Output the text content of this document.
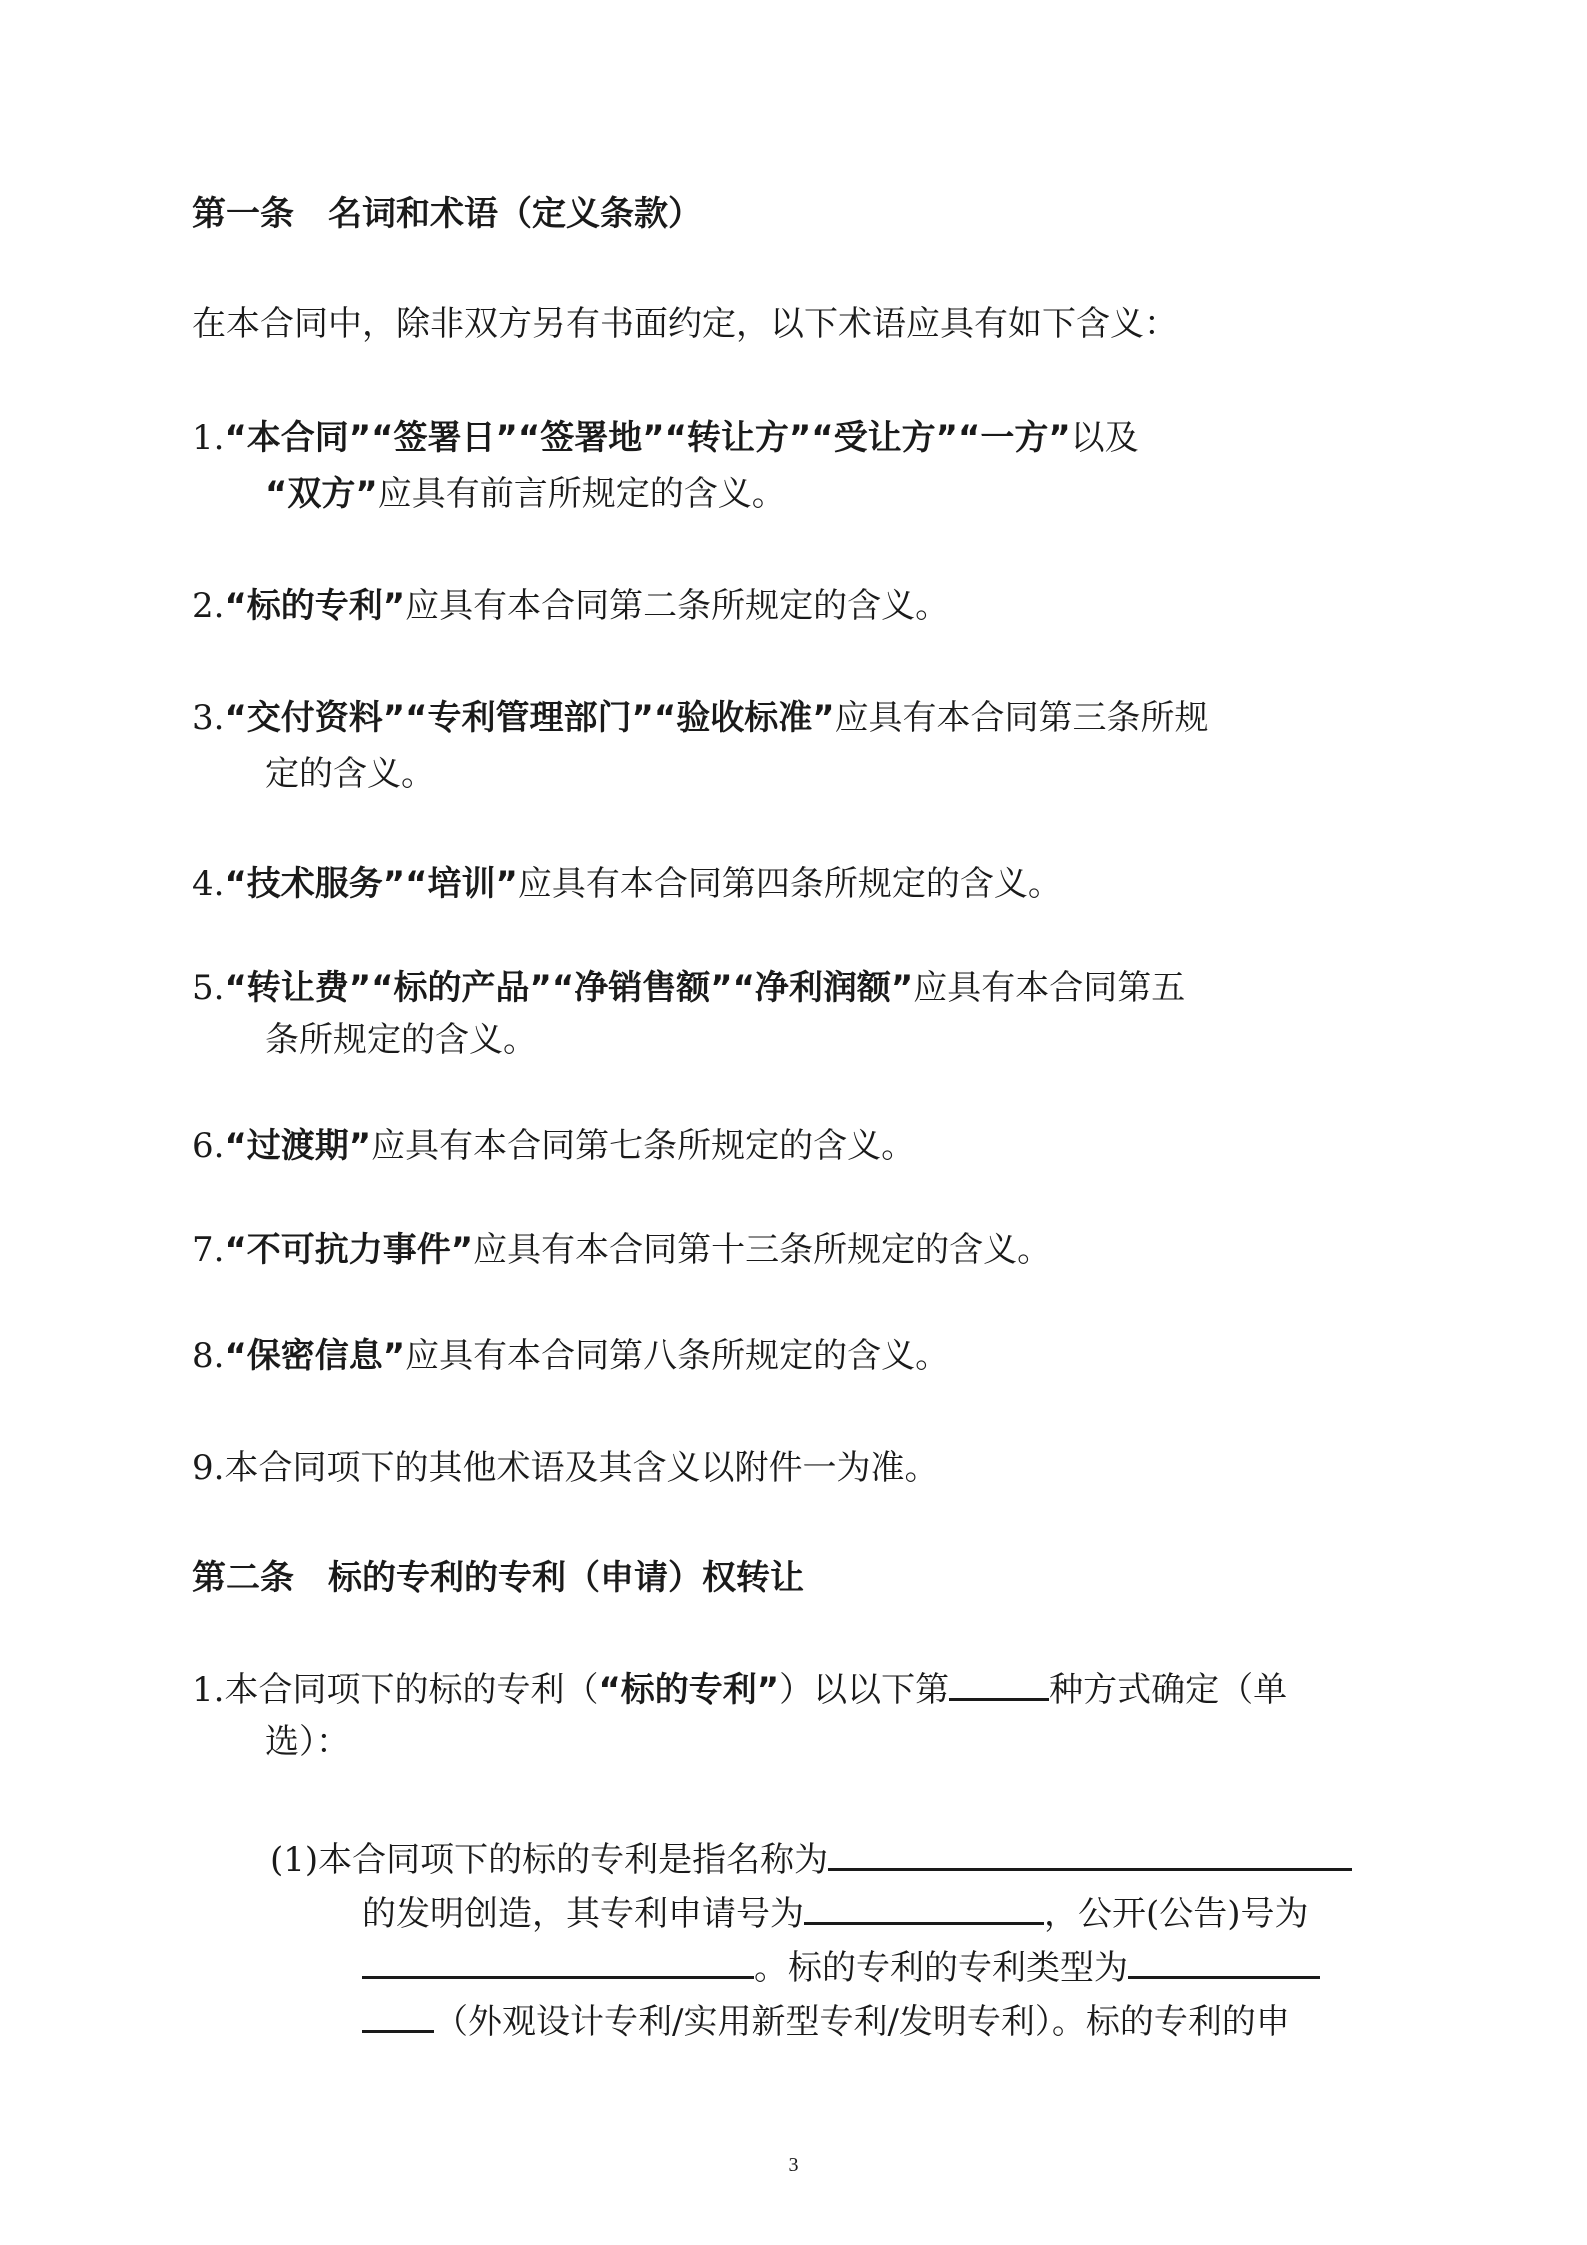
第一条　名词和术语（定义条款）
在本合同中，除非双方另有书面约定，以下术语应具有如下含义：
1.“本合同”“签署日”“签署地”“转让方”“受让方”“一方”以及
“双方”应具有前言所规定的含义。
2.“标的专利”应具有本合同第二条所规定的含义。
3.“交付资料”“专利管理部门”“验收标准”应具有本合同第三条所规
定的含义。
4.“技术服务”“培训”应具有本合同第四条所规定的含义。
5.“转让费”“标的产品”“净销售额”“净利润额”应具有本合同第五
条所规定的含义。
6.“过渡期”应具有本合同第七条所规定的含义。
7.“不可抗力事件”应具有本合同第十三条所规定的含义。
8.“保密信息”应具有本合同第八条所规定的含义。
9.本合同项下的其他术语及其含义以附件一为准。
第二条　标的专利的专利（申请）权转让
1.本合同项下的标的专利（“标的专利”）以以下第	种方式确定（单
选）：
(1)本合同项下的标的专利是指名称为
的发明创造，其专利申请号为	，公开(公告)号为
。标的专利的专利类型为
（外观设计专利/实用新型专利/发明专利）。标的专利的申
3
